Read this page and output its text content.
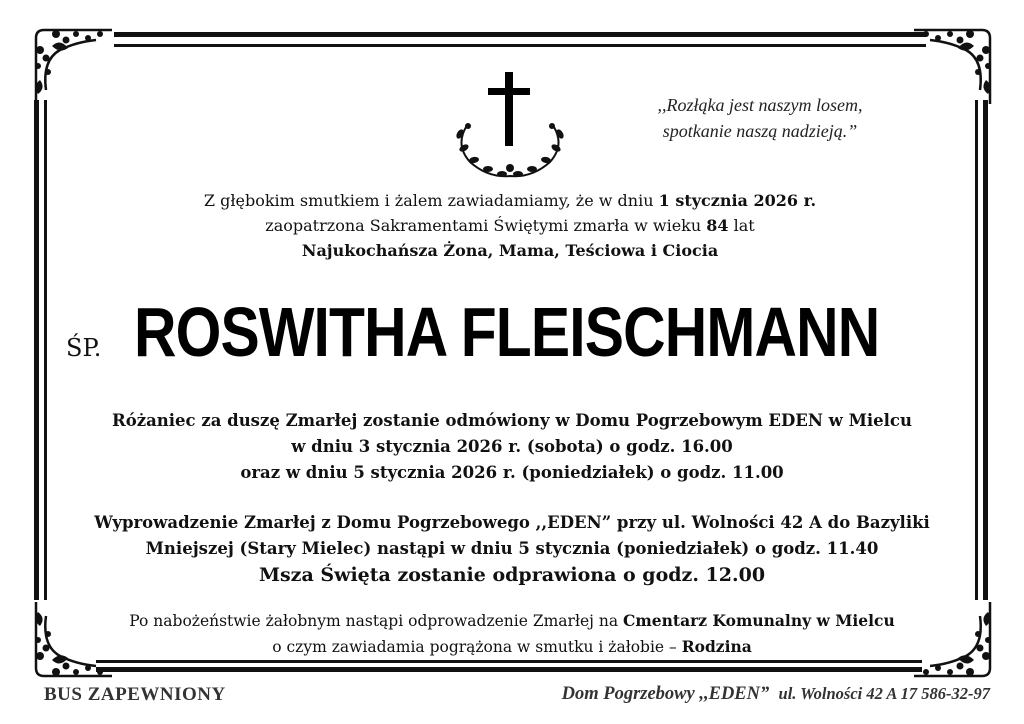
,,Rozłąka jest naszym losem,
spotkanie naszą nadzieją.”
Z głębokim smutkiem i żalem zawiadamiamy, że w dniu 1 stycznia 2026 r.
zaopatrzona Sakramentami Świętymi zmarła w wieku 84 lat
Najukochańsza Żona, Mama, Teściowa i Ciocia
ŚP. ROSWITHA FLEISCHMANN
Różaniec za duszę Zmarłej zostanie odmówiony w Domu Pogrzebowym EDEN w Mielcu
w dniu 3 stycznia 2026 r. (sobota) o godz. 16.00
oraz w dniu 5 stycznia 2026 r. (poniedziałek) o godz. 11.00
Wyprowadzenie Zmarłej z Domu Pogrzebowego ,,EDEN” przy ul. Wolności 42 A do Bazyliki
Mniejszej (Stary Mielec) nastąpi w dniu 5 stycznia (poniedziałek) o godz. 11.40
Msza Święta zostanie odprawiona o godz. 12.00
Po nabożeństwie żałobnym nastąpi odprowadzenie Zmarłej na Cmentarz Komunalny w Mielcu
o czym zawiadamia pogrążona w smutku i żałobie – Rodzina
BUS ZAPEWNIONY	Dom Pogrzebowy ,,EDEN” ul. Wolności 42 A 17 586-32-97
